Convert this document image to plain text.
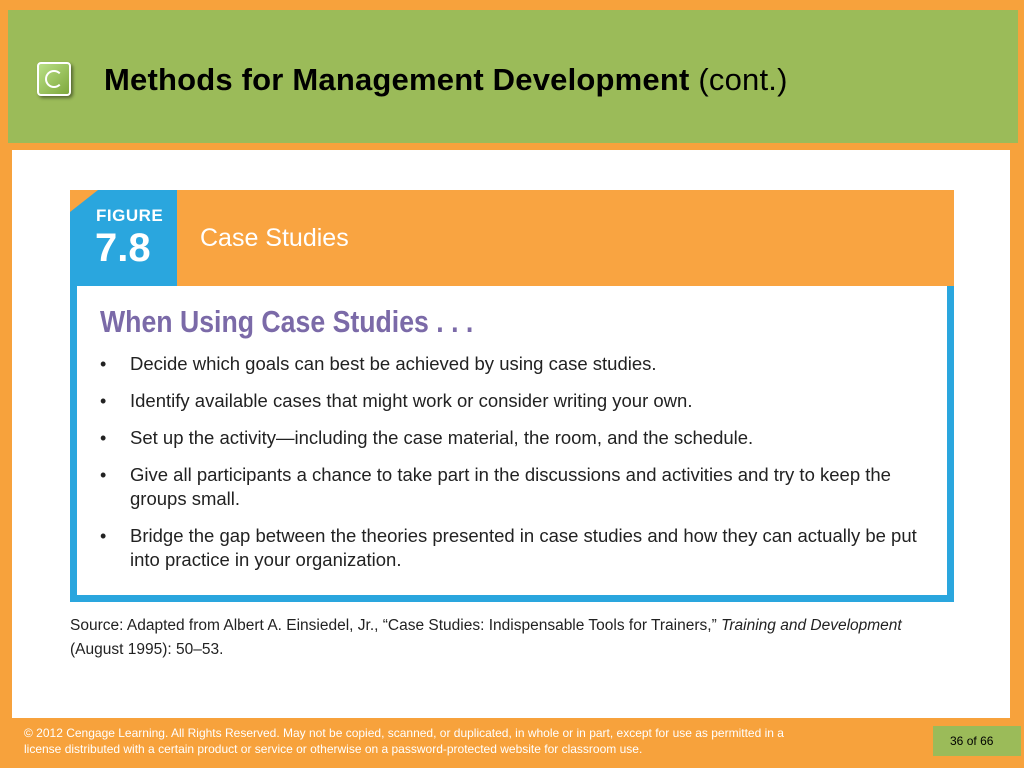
Methods for Management Development (cont.)
FIGURE
7.8 Case Studies
When Using Case Studies . . .
• Decide which goals can best be achieved by using case studies.
• Identify available cases that might work or consider writing your own.
• Set up the activity—including the case material, the room, and the schedule.
• Give all participants a chance to take part in the discussions and activities and try to keep the groups small.
• Bridge the gap between the theories presented in case studies and how they can actually be put into practice in your organization.
Source: Adapted from Albert A. Einsiedel, Jr., “Case Studies: Indispensable Tools for Trainers,” Training and Development (August 1995): 50–53.
© 2012 Cengage Learning. All Rights Reserved. May not be copied, scanned, or duplicated, in whole or in part, except for use as permitted in a license distributed with a certain product or service or otherwise on a password-protected website for classroom use.
36 of 66
